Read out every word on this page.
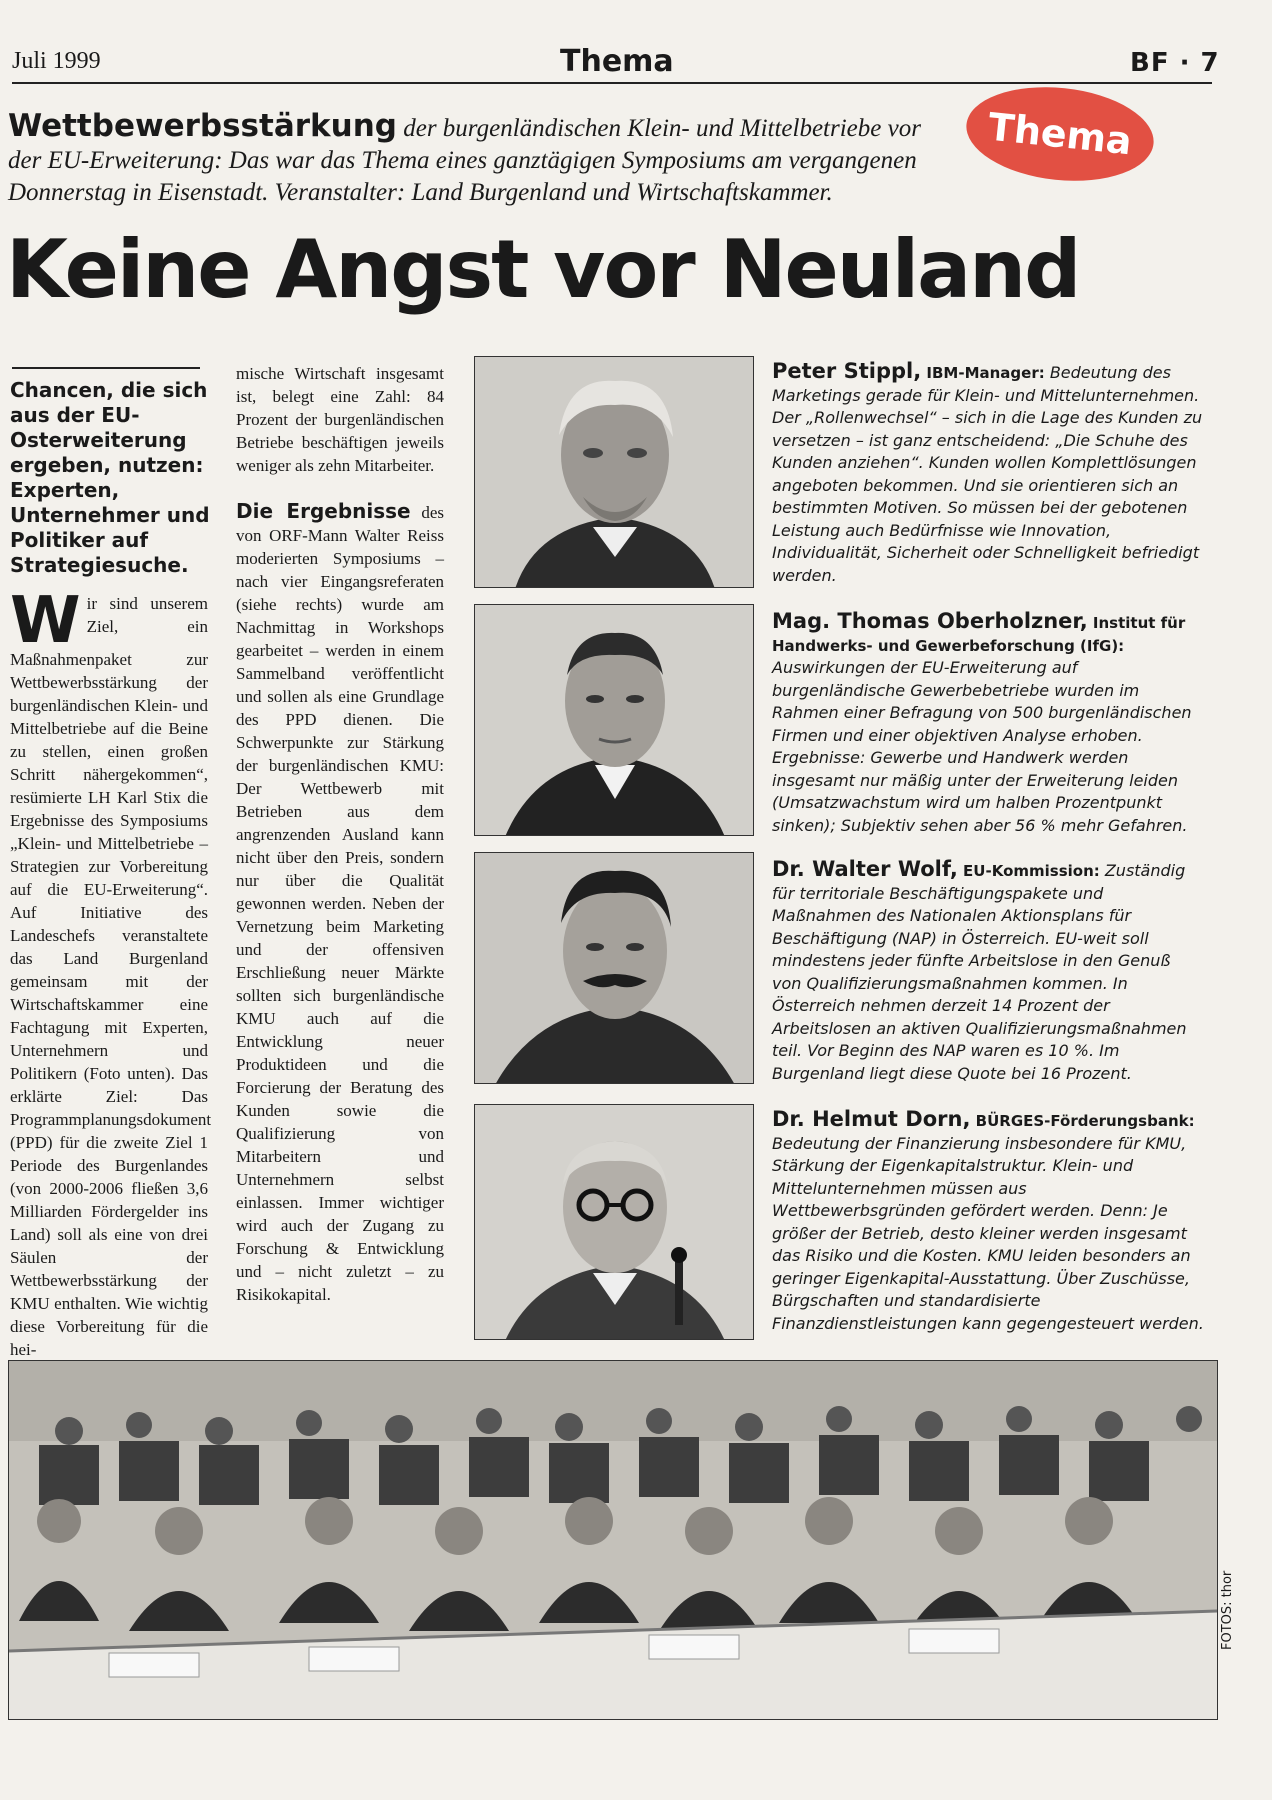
Juli 1999	Thema	BF · 7
Thema
Wettbewerbsstärkung der burgenländischen Klein- und Mittelbetriebe vor der EU-Erweiterung: Das war das Thema eines ganztägigen Symposiums am vergangenen Donnerstag in Eisenstadt. Veranstalter: Land Burgenland und Wirtschaftskammer.
Keine Angst vor Neuland
Chancen, die sich aus der EU-Osterweiterung ergeben, nutzen: Experten, Unternehmer und Politiker auf Strategiesuche.
Wir sind unserem Ziel, ein Maßnahmenpaket zur Wettbewerbsstärkung der burgenländischen Klein- und Mittelbetriebe auf die Beine zu stellen, einen großen Schritt nähergekommen“, resümierte LH Karl Stix die Ergebnisse des Symposiums „Klein- und Mittelbetriebe – Strategien zur Vorbereitung auf die EU-Erweiterung“. Auf Initiative des Landeschefs veranstaltete das Land Burgenland gemeinsam mit der Wirtschaftskammer eine Fachtagung mit Experten, Unternehmern und Politikern (Foto unten). Das erklärte Ziel: Das Programmplanungsdokument (PPD) für die zweite Ziel 1 Periode des Burgenlandes (von 2000-2006 fließen 3,6 Milliarden Fördergelder ins Land) soll als eine von drei Säulen der Wettbewerbsstärkung der KMU enthalten. Wie wichtig diese Vorbereitung für die hei-
mische Wirtschaft insgesamt ist, belegt eine Zahl: 84 Prozent der burgenländischen Betriebe beschäftigen jeweils weniger als zehn Mitarbeiter.

Die Ergebnisse des von ORF-Mann Walter Reiss moderierten Symposiums – nach vier Eingangsreferaten (siehe rechts) wurde am Nachmittag in Workshops gearbeitet – werden in einem Sammelband veröffentlicht und sollen als eine Grundlage des PPD dienen. Die Schwerpunkte zur Stärkung der burgenländischen KMU: Der Wettbewerb mit Betrieben aus dem angrenzenden Ausland kann nicht über den Preis, sondern nur über die Qualität gewonnen werden. Neben der Vernetzung beim Marketing und der offensiven Erschließung neuer Märkte sollten sich burgenländische KMU auch auf die Entwicklung neuer Produktideen und die Forcierung der Beratung des Kunden sowie die Qualifizierung von Mitarbeitern und Unternehmern selbst einlassen. Immer wichtiger wird auch der Zugang zu Forschung & Entwicklung und – nicht zuletzt – zu Risikokapital.
Peter Stippl, IBM-Manager: Bedeutung des Marketings gerade für Klein- und Mittelunternehmen. Der „Rollenwechsel“ – sich in die Lage des Kunden zu versetzen – ist ganz entscheidend: „Die Schuhe des Kunden anziehen“. Kunden wollen Komplettlösungen angeboten bekommen. Und sie orientieren sich an bestimmten Motiven. So müssen bei der gebotenen Leistung auch Bedürfnisse wie Innovation, Individualität, Sicherheit oder Schnelligkeit befriedigt werden.
Mag. Thomas Oberholzner, Institut für Handwerks- und Gewerbeforschung (IfG): Auswirkungen der EU-Erweiterung auf burgenländische Gewerbebetriebe wurden im Rahmen einer Befragung von 500 burgenländischen Firmen und einer objektiven Analyse erhoben. Ergebnisse: Gewerbe und Handwerk werden insgesamt nur mäßig unter der Erweiterung leiden (Umsatzwachstum wird um halben Prozentpunkt sinken); Subjektiv sehen aber 56 % mehr Gefahren.
Dr. Walter Wolf, EU-Kommission: Zuständig für territoriale Beschäftigungspakete und Maßnahmen des Nationalen Aktionsplans für Beschäftigung (NAP) in Österreich. EU-weit soll mindestens jeder fünfte Arbeitslose in den Genuß von Qualifizierungsmaßnahmen kommen. In Österreich nehmen derzeit 14 Prozent der Arbeitslosen an aktiven Qualifizierungsmaßnahmen teil. Vor Beginn des NAP waren es 10 %. Im Burgenland liegt diese Quote bei 16 Prozent.
Dr. Helmut Dorn, BÜRGES-Förderungsbank: Bedeutung der Finanzierung insbesondere für KMU, Stärkung der Eigenkapitalstruktur. Klein- und Mittelunternehmen müssen aus Wettbewerbsgründen gefördert werden. Denn: Je größer der Betrieb, desto kleiner werden insgesamt das Risiko und die Kosten. KMU leiden besonders an geringer Eigenkapital-Ausstattung. Über Zuschüsse, Bürgschaften und standardisierte Finanzdienstleistungen kann gegengesteuert werden.
FOTOS: thor
